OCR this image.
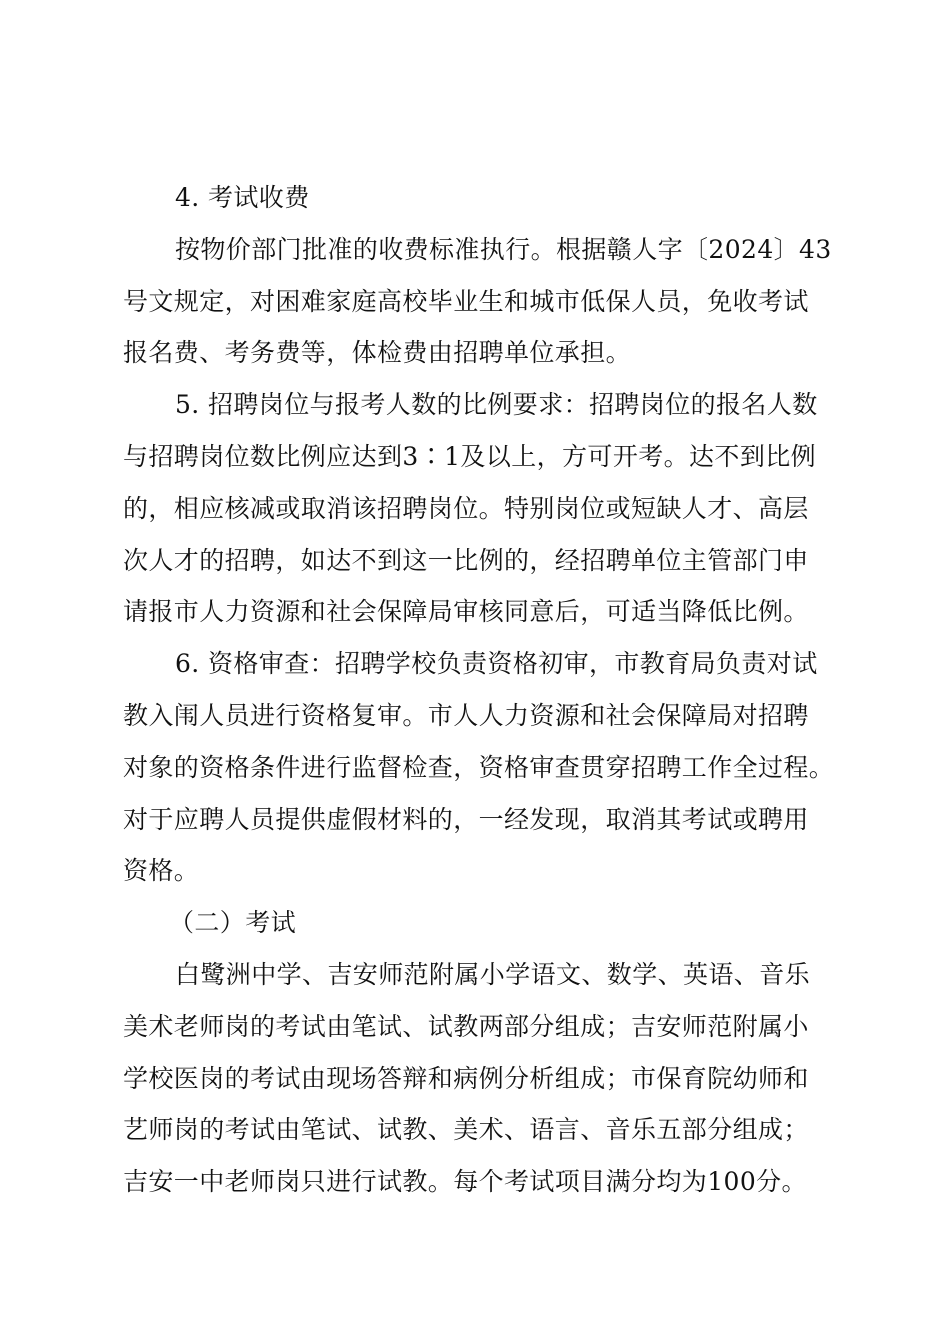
4. 考试收费
按物价部门批准的收费标准执行。根据赣人字〔2024〕43
号文规定，对困难家庭高校毕业生和城市低保人员，免收考试
报名费、考务费等，体检费由招聘单位承担。
5. 招聘岗位与报考人数的比例要求：招聘岗位的报名人数
与招聘岗位数比例应达到3∶1及以上，方可开考。达不到比例
的，相应核减或取消该招聘岗位。特别岗位或短缺人才、高层
次人才的招聘，如达不到这一比例的，经招聘单位主管部门申
请报市人力资源和社会保障局审核同意后，可适当降低比例。
6. 资格审查：招聘学校负责资格初审，市教育局负责对试
教入闱人员进行资格复审。市人人力资源和社会保障局对招聘
对象的资格条件进行监督检查，资格审查贯穿招聘工作全过程。
对于应聘人员提供虚假材料的，一经发现，取消其考试或聘用
资格。
（二）考试
白鹭洲中学、吉安师范附属小学语文、数学、英语、音乐
美术老师岗的考试由笔试、试教两部分组成；吉安师范附属小
学校医岗的考试由现场答辩和病例分析组成；市保育院幼师和
艺师岗的考试由笔试、试教、美术、语言、音乐五部分组成；
吉安一中老师岗只进行试教。每个考试项目满分均为100分。
